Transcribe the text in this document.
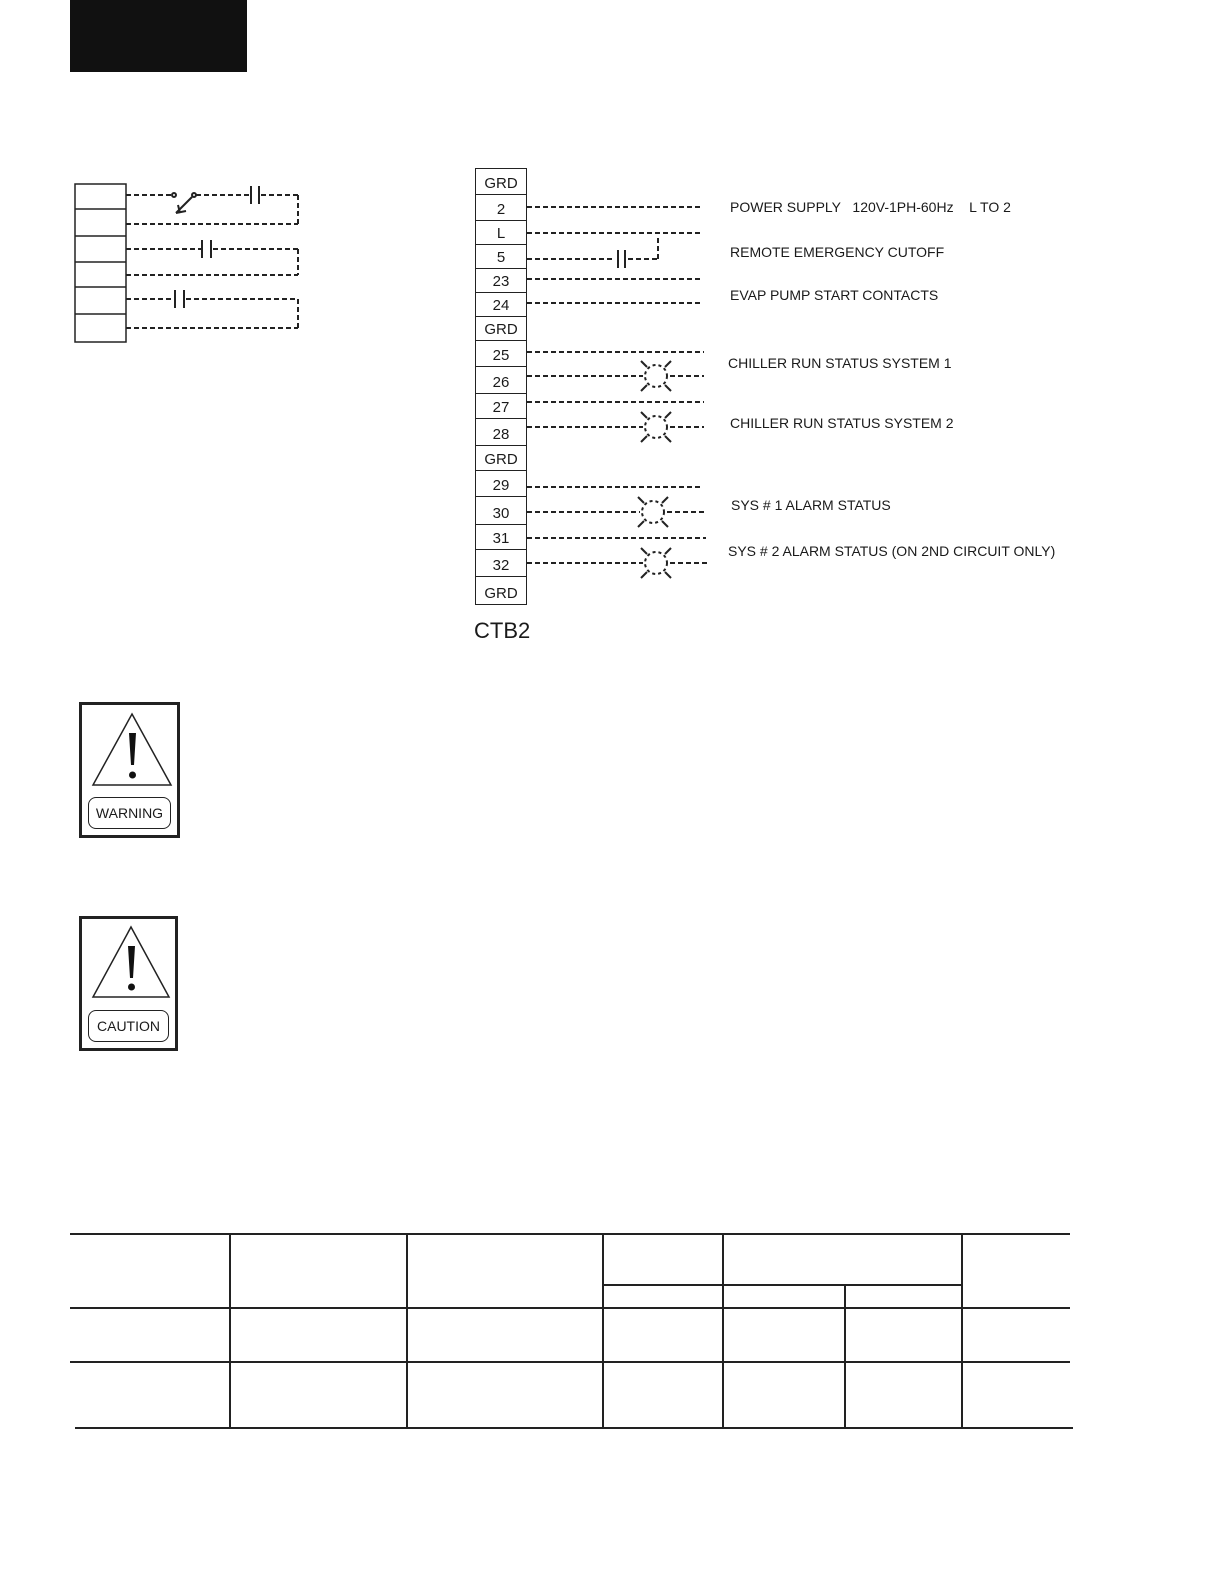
GRD
2
L
5
23
24
GRD
25
26
27
28
GRD
29
30
31
32
GRD
CTB2
POWER SUPPLY   120V-1PH-60Hz    L TO 2
REMOTE EMERGENCY CUTOFF
EVAP PUMP START CONTACTS
CHILLER RUN STATUS SYSTEM 1
CHILLER RUN STATUS SYSTEM 2
SYS # 1 ALARM STATUS
SYS # 2 ALARM STATUS (ON 2ND CIRCUIT ONLY)
WARNING
CAUTION
